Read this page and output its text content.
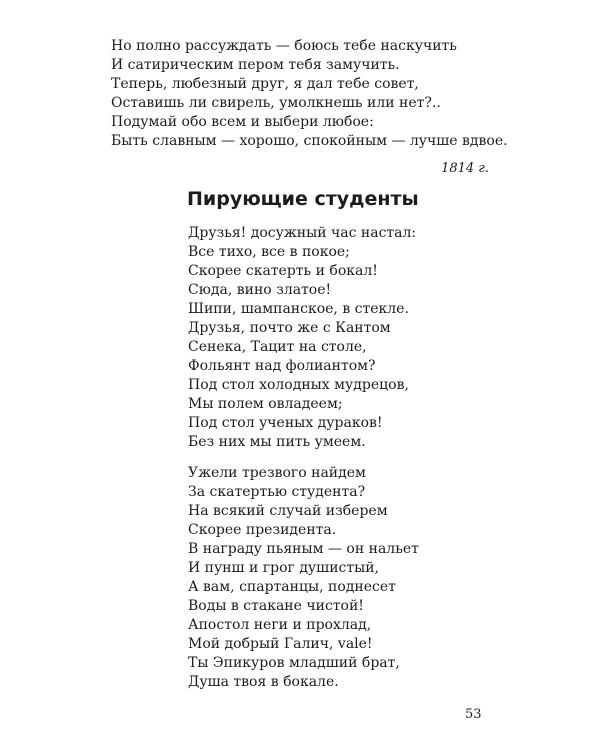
Но полно рассуждать — боюсь тебе наскучить
И сатирическим пером тебя замучить.
Теперь, любезный друг, я дал тебе совет,
Оставишь ли свирель, умолкнешь или нет?..
Подумай обо всем и выбери любое:
Быть славным — хорошо, спокойным — лучше вдвое.
1814 г.
Пирующие студенты
Друзья! досужный час настал:
Все тихо, все в покое;
Скорее скатерть и бокал!
Сюда, вино златое!
Шипи, шампанское, в стекле.
Друзья, почто же с Кантом
Сенека, Тацит на столе,
Фольянт над фолиантом?
Под стол холодных мудрецов,
Мы полем овладеем;
Под стол ученых дураков!
Без них мы пить умеем.
Ужели трезвого найдем
За скатертью студента?
На всякий случай изберем
Скорее президента.
В награду пьяным — он нальет
И пунш и грог душистый,
А вам, спартанцы, поднесет
Воды в стакане чистой!
Апостол неги и прохлад,
Мой добрый Галич, vale!
Ты Эпикуров младший брат,
Душа твоя в бокале.
53
